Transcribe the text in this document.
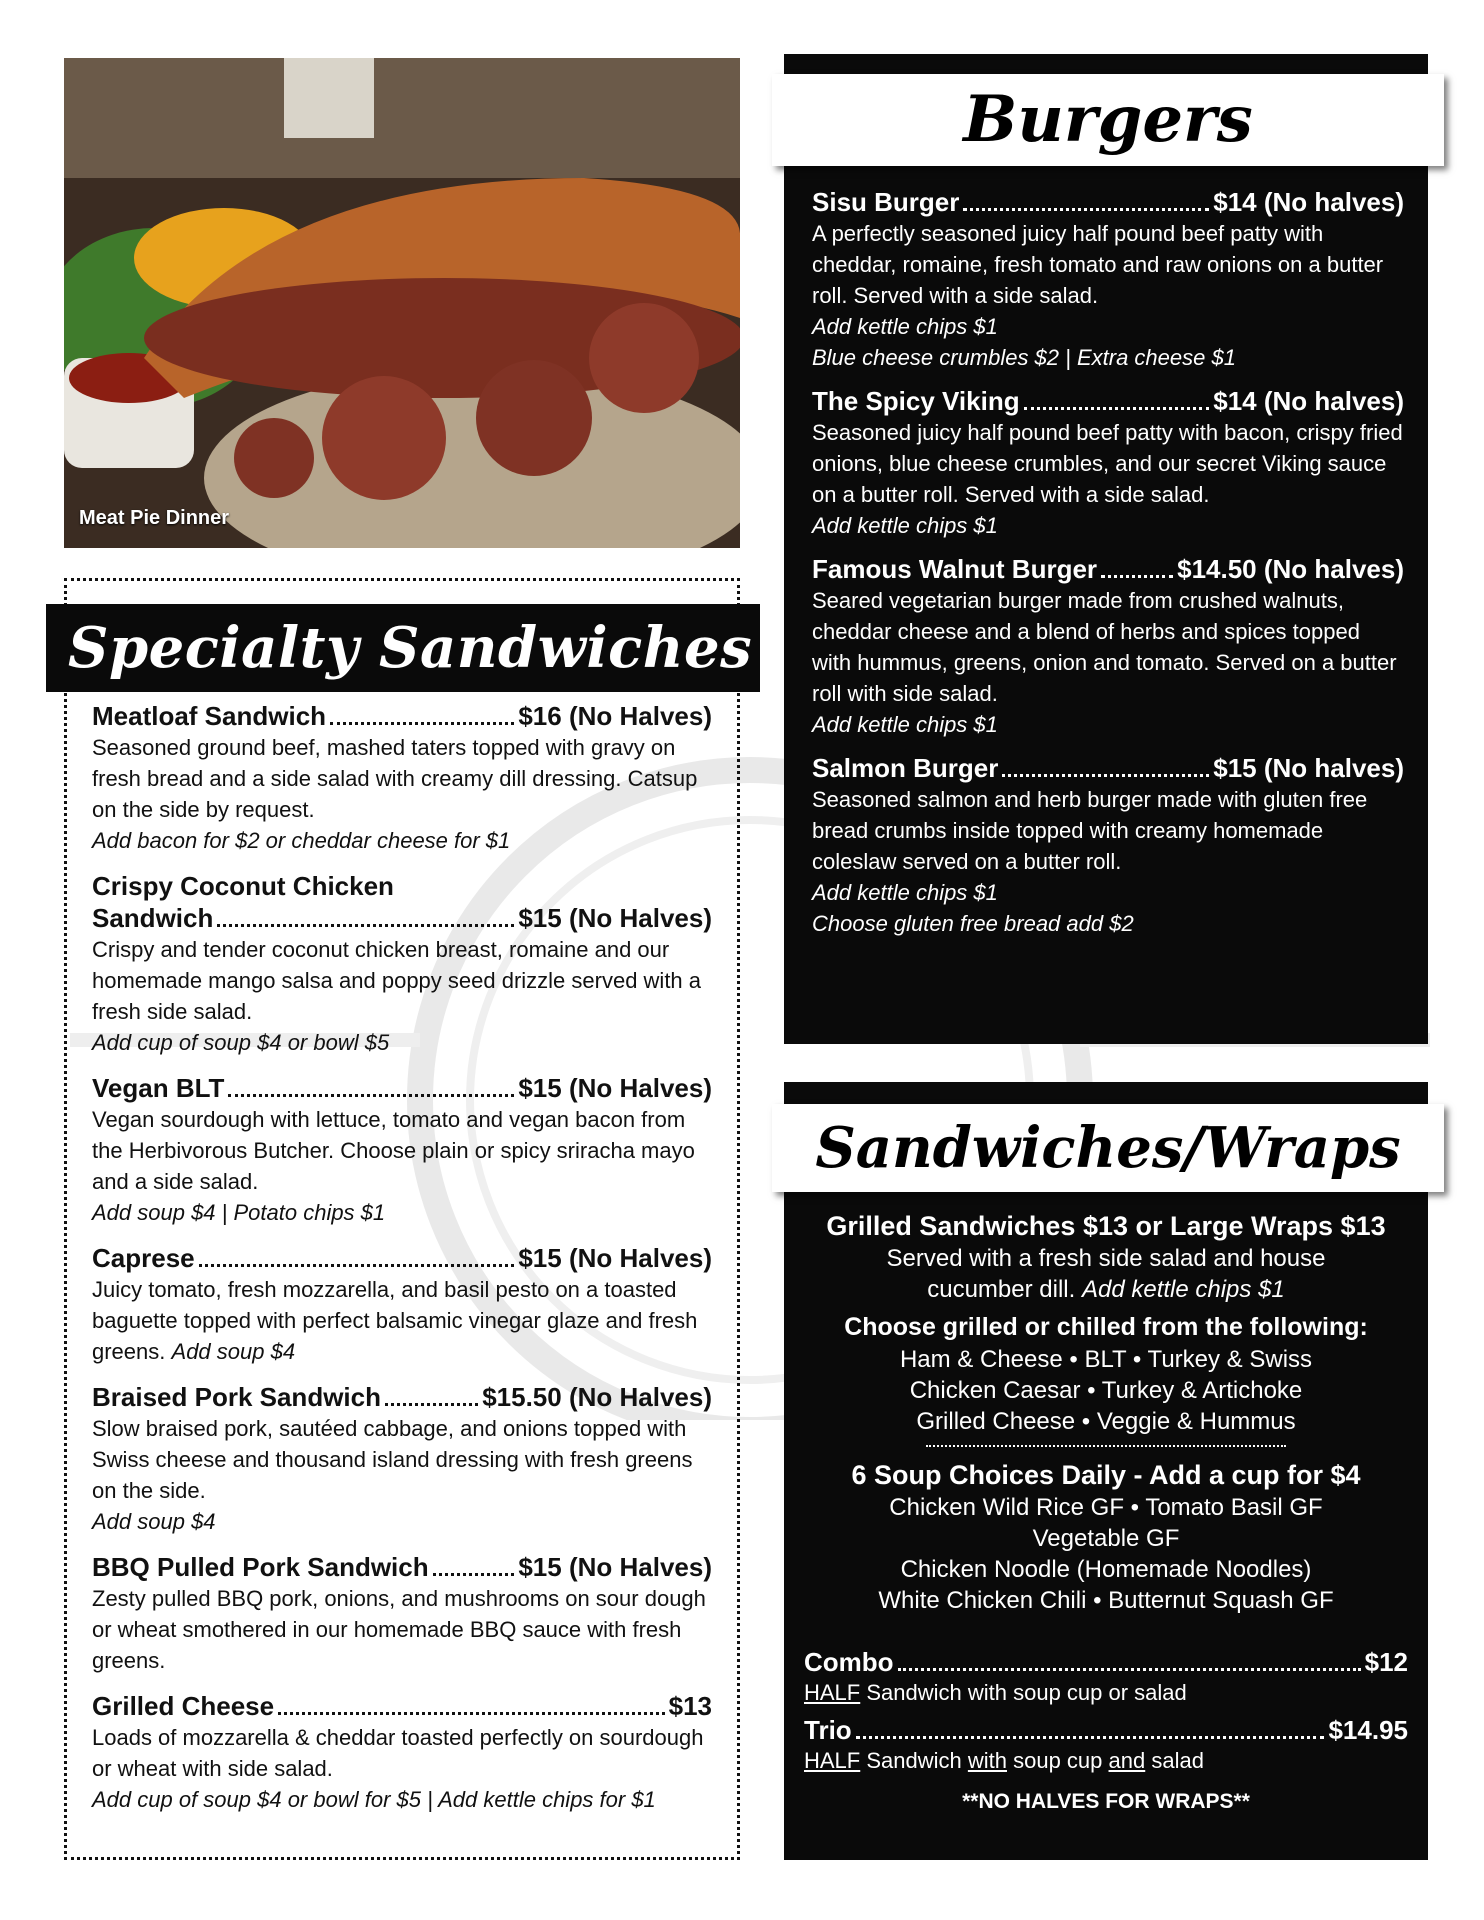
Meat Pie Dinner
Specialty Sandwiches
Meatloaf Sandwich	$16 (No Halves)
Seasoned ground beef, mashed taters topped with gravy on fresh bread and a side salad with creamy dill dressing. Catsup on the side by request.
Add bacon for $2 or cheddar cheese for $1
Crispy Coconut Chicken
Sandwich	$15 (No Halves)
Crispy and tender coconut chicken breast, romaine and our homemade mango salsa and poppy seed drizzle served with a fresh side salad.
Add cup of soup $4 or bowl $5
Vegan BLT	$15 (No Halves)
Vegan sourdough with lettuce, tomato and vegan bacon from the Herbivorous Butcher. Choose plain or spicy sriracha mayo and a side salad.
Add soup $4 | Potato chips $1
Caprese	$15 (No Halves)
Juicy tomato, fresh mozzarella, and basil pesto on a toasted baguette topped with perfect balsamic vinegar glaze and fresh greens. Add soup $4
Braised Pork Sandwich	$15.50 (No Halves)
Slow braised pork, sautéed cabbage, and onions topped with Swiss cheese and thousand island dressing with fresh greens on the side.
Add soup $4
BBQ Pulled Pork Sandwich	$15 (No Halves)
Zesty pulled BBQ pork, onions, and mushrooms on sour dough or wheat smothered in our homemade BBQ sauce with fresh greens.
Grilled Cheese	$13
Loads of mozzarella & cheddar toasted perfectly on sourdough or wheat with side salad.
Add cup of soup $4 or bowl for $5 | Add kettle chips for $1
Burgers
Sisu Burger	$14 (No halves)
A perfectly seasoned juicy half pound beef patty with cheddar, romaine, fresh tomato and raw onions on a butter roll. Served with a side salad.
Add kettle chips $1
Blue cheese crumbles $2 | Extra cheese $1
The Spicy Viking	$14 (No halves)
Seasoned juicy half pound beef patty with bacon, crispy fried onions, blue cheese crumbles, and our secret Viking sauce on a butter roll. Served with a side salad.
Add kettle chips $1
Famous Walnut Burger	$14.50 (No halves)
Seared vegetarian burger made from crushed walnuts, cheddar cheese and a blend of herbs and spices topped with hummus, greens, onion and tomato. Served on a butter roll with side salad.
Add kettle chips $1
Salmon Burger	$15 (No halves)
Seasoned salmon and herb burger made with gluten free bread crumbs inside topped with creamy homemade coleslaw served on a butter roll.
Add kettle chips $1
Choose gluten free bread add $2
Sandwiches/Wraps
Grilled Sandwiches $13 or Large Wraps $13
Served with a fresh side salad and house
cucumber dill. Add kettle chips $1
Choose grilled or chilled from the following:
Ham & Cheese • BLT • Turkey & Swiss
Chicken Caesar • Turkey & Artichoke
Grilled Cheese • Veggie & Hummus
6 Soup Choices Daily - Add a cup for $4
Chicken Wild Rice GF • Tomato Basil GF
Vegetable GF
Chicken Noodle (Homemade Noodles)
White Chicken Chili • Butternut Squash GF
Combo	$12
HALF Sandwich with soup cup or salad
Trio	$14.95
HALF Sandwich with soup cup and salad
**NO HALVES FOR WRAPS**
